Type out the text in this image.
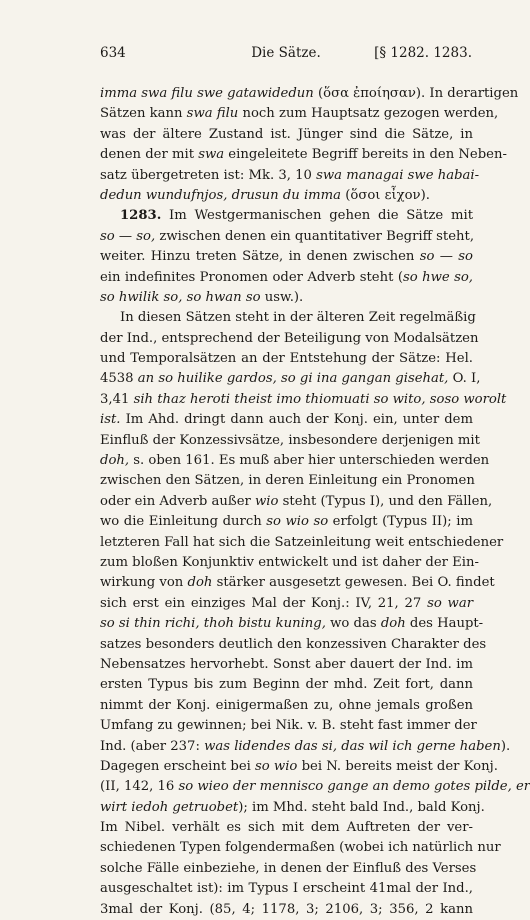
634	Die Sätze.	[§ 1282. 1283.
imma swa filu swe gatawidedun (ὅσα ἐποίησαν). In derartigen
Sätzen kann swa filu noch zum Hauptsatz gezogen werden,
was der ältere Zustand ist. Jünger sind die Sätze, in
denen der mit swa eingeleitete Begriff bereits in den Neben-
satz übergetreten ist: Mk. 3, 10 swa managai swe habai-
dedun wundufnjos, drusun du imma (ὅσοι εἶχον).
1283. Im Westgermanischen gehen die Sätze mit
so — so, zwischen denen ein quantitativer Begriff steht,
weiter. Hinzu treten Sätze, in denen zwischen so — so
ein indefinites Pronomen oder Adverb steht (so hwe so,
so hwilik so, so hwan so usw.).
In diesen Sätzen steht in der älteren Zeit regelmäßig
der Ind., entsprechend der Beteiligung von Modalsätzen
und Temporalsätzen an der Entstehung der Sätze: Hel.
4538 an so huilike gardos, so gi ina gangan gisehat, O. I,
3,41 sih thaz heroti theist imo thiomuati so wito, soso worolt
ist. Im Ahd. dringt dann auch der Konj. ein, unter dem
Einfluß der Konzessivsätze, insbesondere derjenigen mit
doh, s. oben 161. Es muß aber hier unterschieden werden
zwischen den Sätzen, in deren Einleitung ein Pronomen
oder ein Adverb außer wio steht (Typus I), und den Fällen,
wo die Einleitung durch so wio so erfolgt (Typus II); im
letzteren Fall hat sich die Satzeinleitung weit entschiedener
zum bloßen Konjunktiv entwickelt und ist daher der Ein-
wirkung von doh stärker ausgesetzt gewesen. Bei O. findet
sich erst ein einziges Mal der Konj.: IV, 21, 27 so war
so si thin richi, thoh bistu kuning, wo das doh des Haupt-
satzes besonders deutlich den konzessiven Charakter des
Nebensatzes hervorhebt. Sonst aber dauert der Ind. im
ersten Typus bis zum Beginn der mhd. Zeit fort, dann
nimmt der Konj. einigermaßen zu, ohne jemals großen
Umfang zu gewinnen; bei Nik. v. B. steht fast immer der
Ind. (aber 237: was lidendes das si, das wil ich gerne haben).
Dagegen erscheint bei so wio bei N. bereits meist der Konj.
(II, 142, 16 so wieo der mennisco gange an demo gotes pilde, er
wirt iedoh getruobet); im Mhd. steht bald Ind., bald Konj.
Im Nibel. verhält es sich mit dem Auftreten der ver-
schiedenen Typen folgendermaßen (wobei ich natürlich nur
solche Fälle einbeziehe, in denen der Einfluß des Verses
ausgeschaltet ist): im Typus I erscheint 41mal der Ind.,
3mal der Konj. (85, 4; 1178, 3; 2106, 3; 356, 2 kann
